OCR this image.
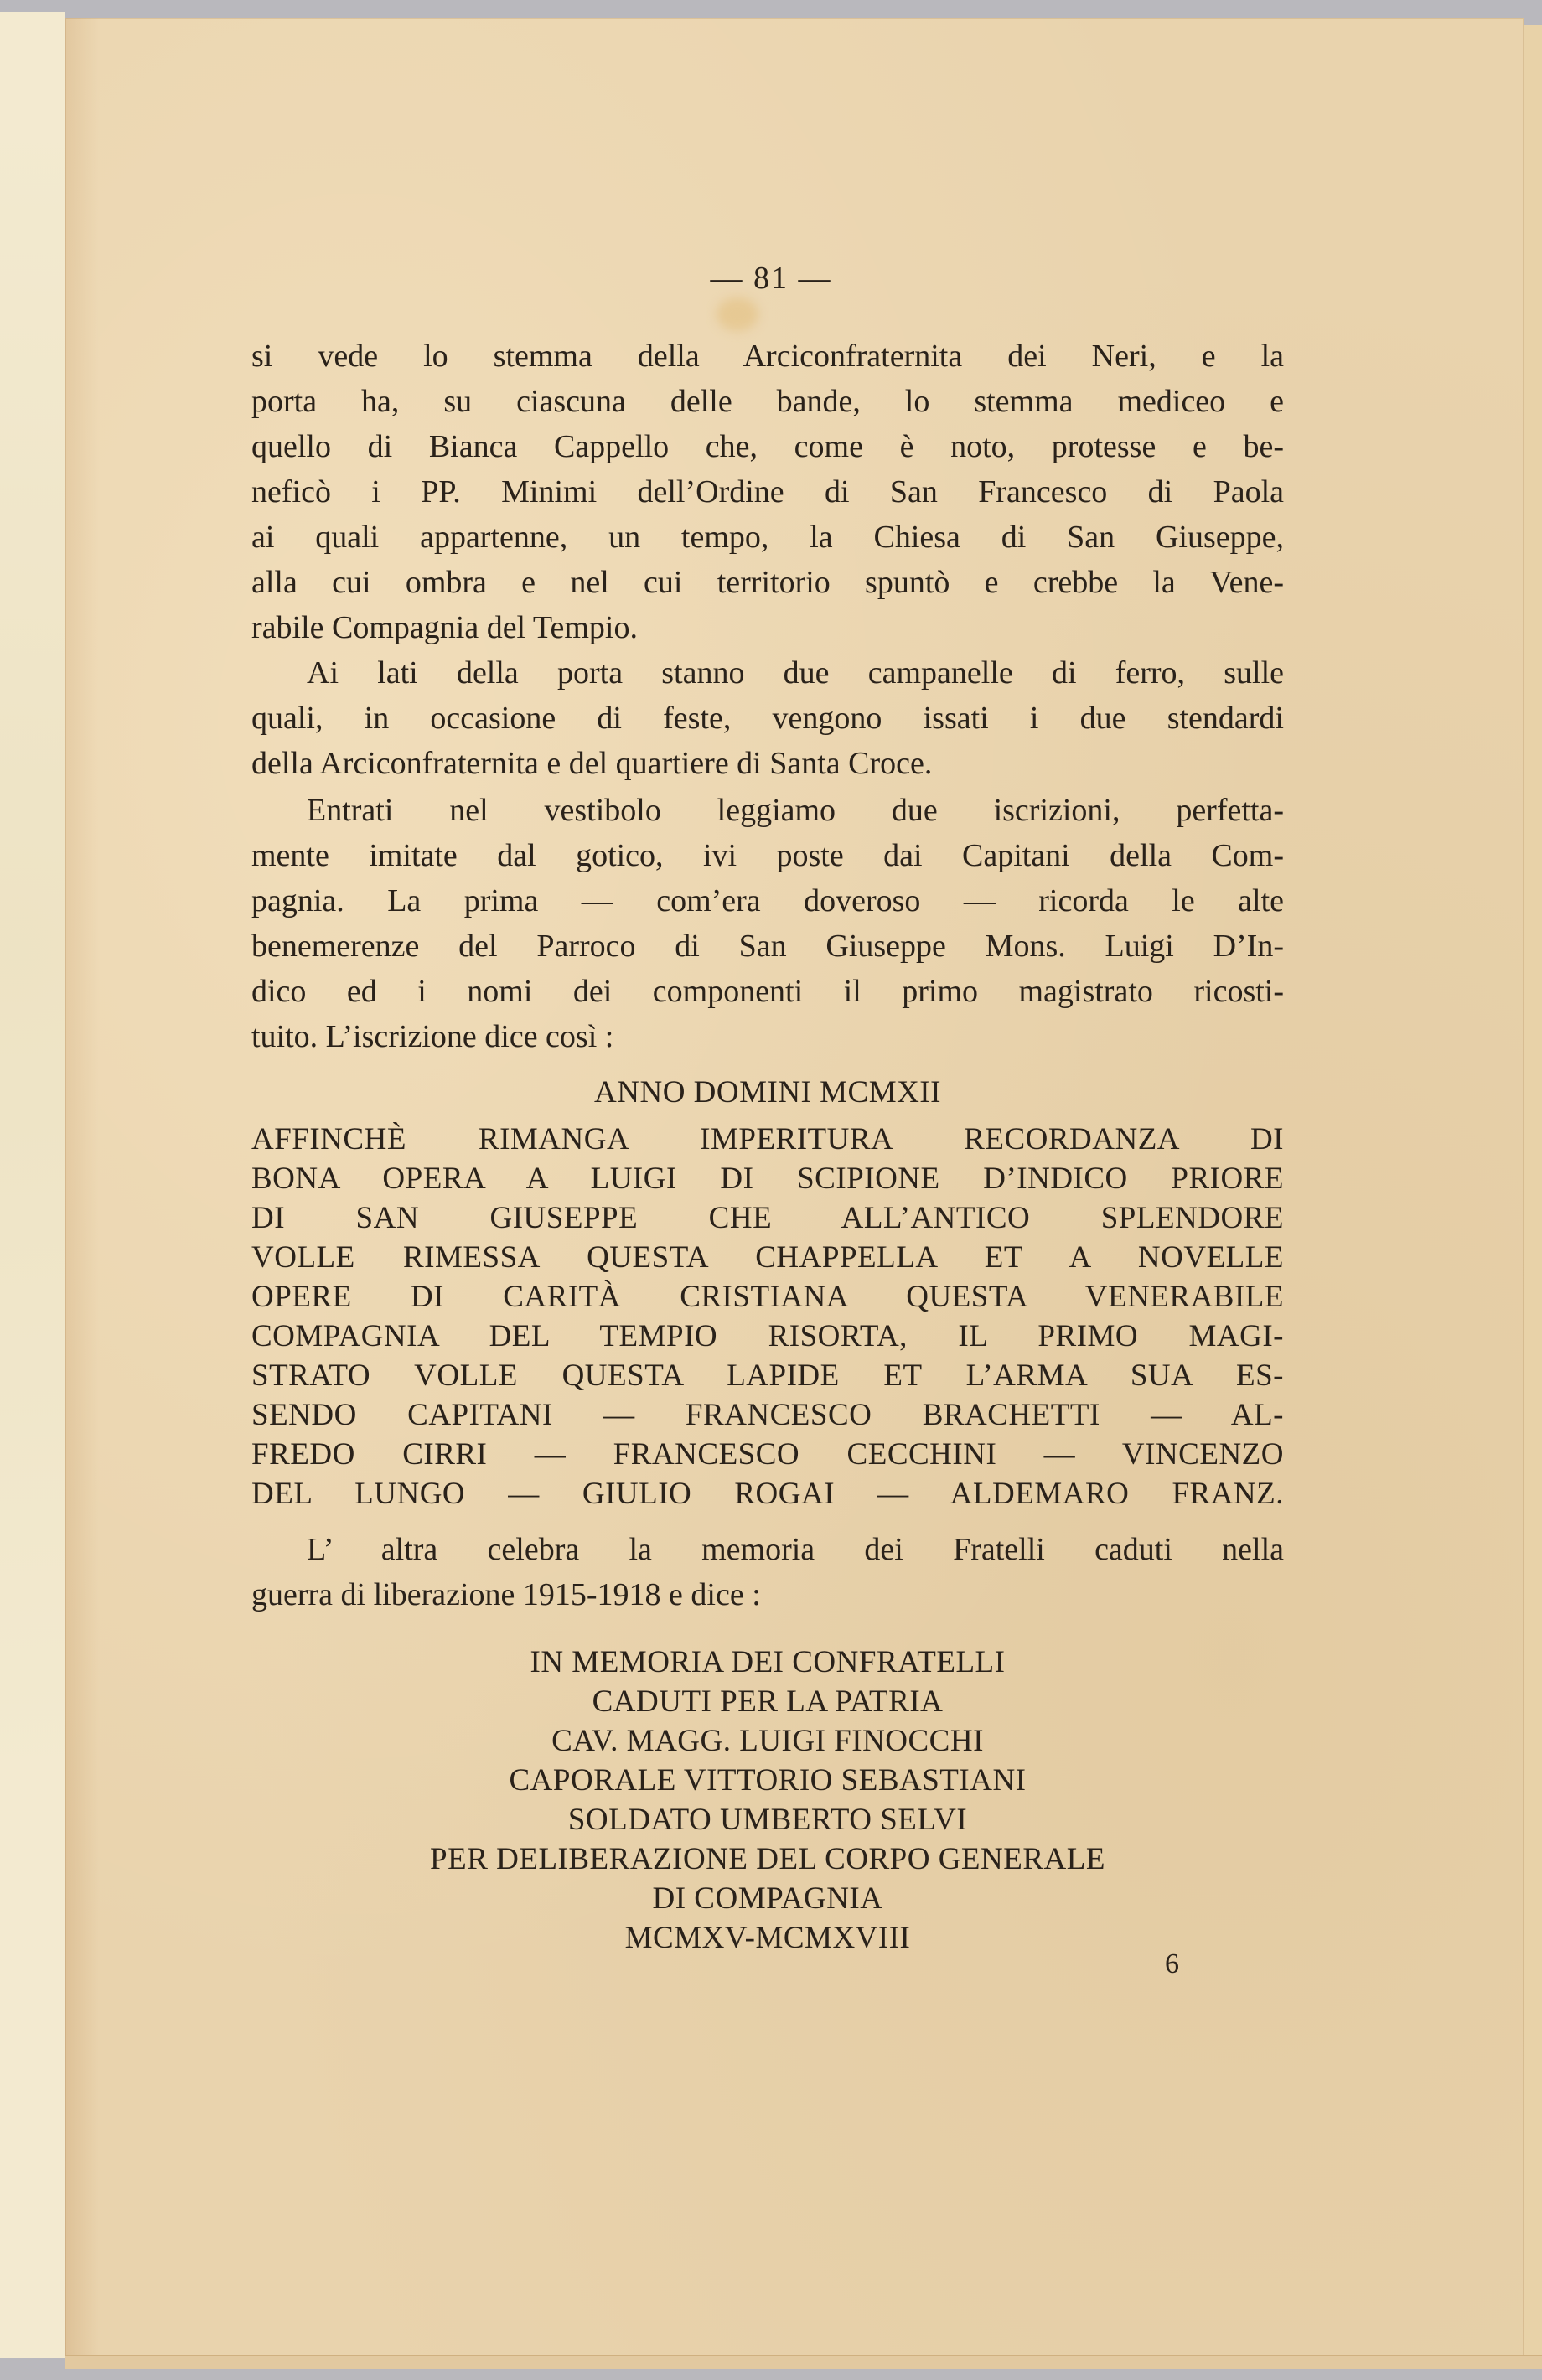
— 81 —
si vede lo stemma della Arciconfraternita dei Neri, e la
porta ha, su ciascuna delle bande, lo stemma mediceo e
quello di Bianca Cappello che, come è noto, protesse e be-
neficò i PP. Minimi dell’Ordine di San Francesco di Paola
ai quali appartenne, un tempo, la Chiesa di San Giuseppe,
alla cui ombra e nel cui territorio spuntò e crebbe la Vene-
rabile Compagnia del Tempio.
Ai lati della porta stanno due campanelle di ferro, sulle
quali, in occasione di feste, vengono issati i due stendardi
della Arciconfraternita e del quartiere di Santa Croce.
Entrati nel vestibolo leggiamo due iscrizioni, perfetta-
mente imitate dal gotico, ivi poste dai Capitani della Com-
pagnia. La prima — com’era doveroso — ricorda le alte
benemerenze del Parroco di San Giuseppe Mons. Luigi D’In-
dico ed i nomi dei componenti il primo magistrato ricosti-
tuito. L’iscrizione dice così :
ANNO DOMINI MCMXII
AFFINCHÈ RIMANGA IMPERITURA RECORDANZA DI
BONA OPERA A LUIGI DI SCIPIONE D’INDICO PRIORE
DI SAN GIUSEPPE CHE ALL’ANTICO SPLENDORE
VOLLE RIMESSA QUESTA CHAPPELLA ET A NOVELLE
OPERE DI CARITÀ CRISTIANA QUESTA VENERABILE
COMPAGNIA DEL TEMPIO RISORTA, IL PRIMO MAGI-
STRATO VOLLE QUESTA LAPIDE ET L’ARMA SUA ES-
SENDO CAPITANI — FRANCESCO BRACHETTI — AL-
FREDO CIRRI — FRANCESCO CECCHINI — VINCENZO
DEL LUNGO — GIULIO ROGAI — ALDEMARO FRANZ.
L’ altra celebra la memoria dei Fratelli caduti nella
guerra di liberazione 1915-1918 e dice :
IN MEMORIA DEI CONFRATELLI
CADUTI PER LA PATRIA
CAV. MAGG. LUIGI FINOCCHI
CAPORALE VITTORIO SEBASTIANI
SOLDATO UMBERTO SELVI
PER DELIBERAZIONE DEL CORPO GENERALE
DI COMPAGNIA
MCMXV-MCMXVIII
6
